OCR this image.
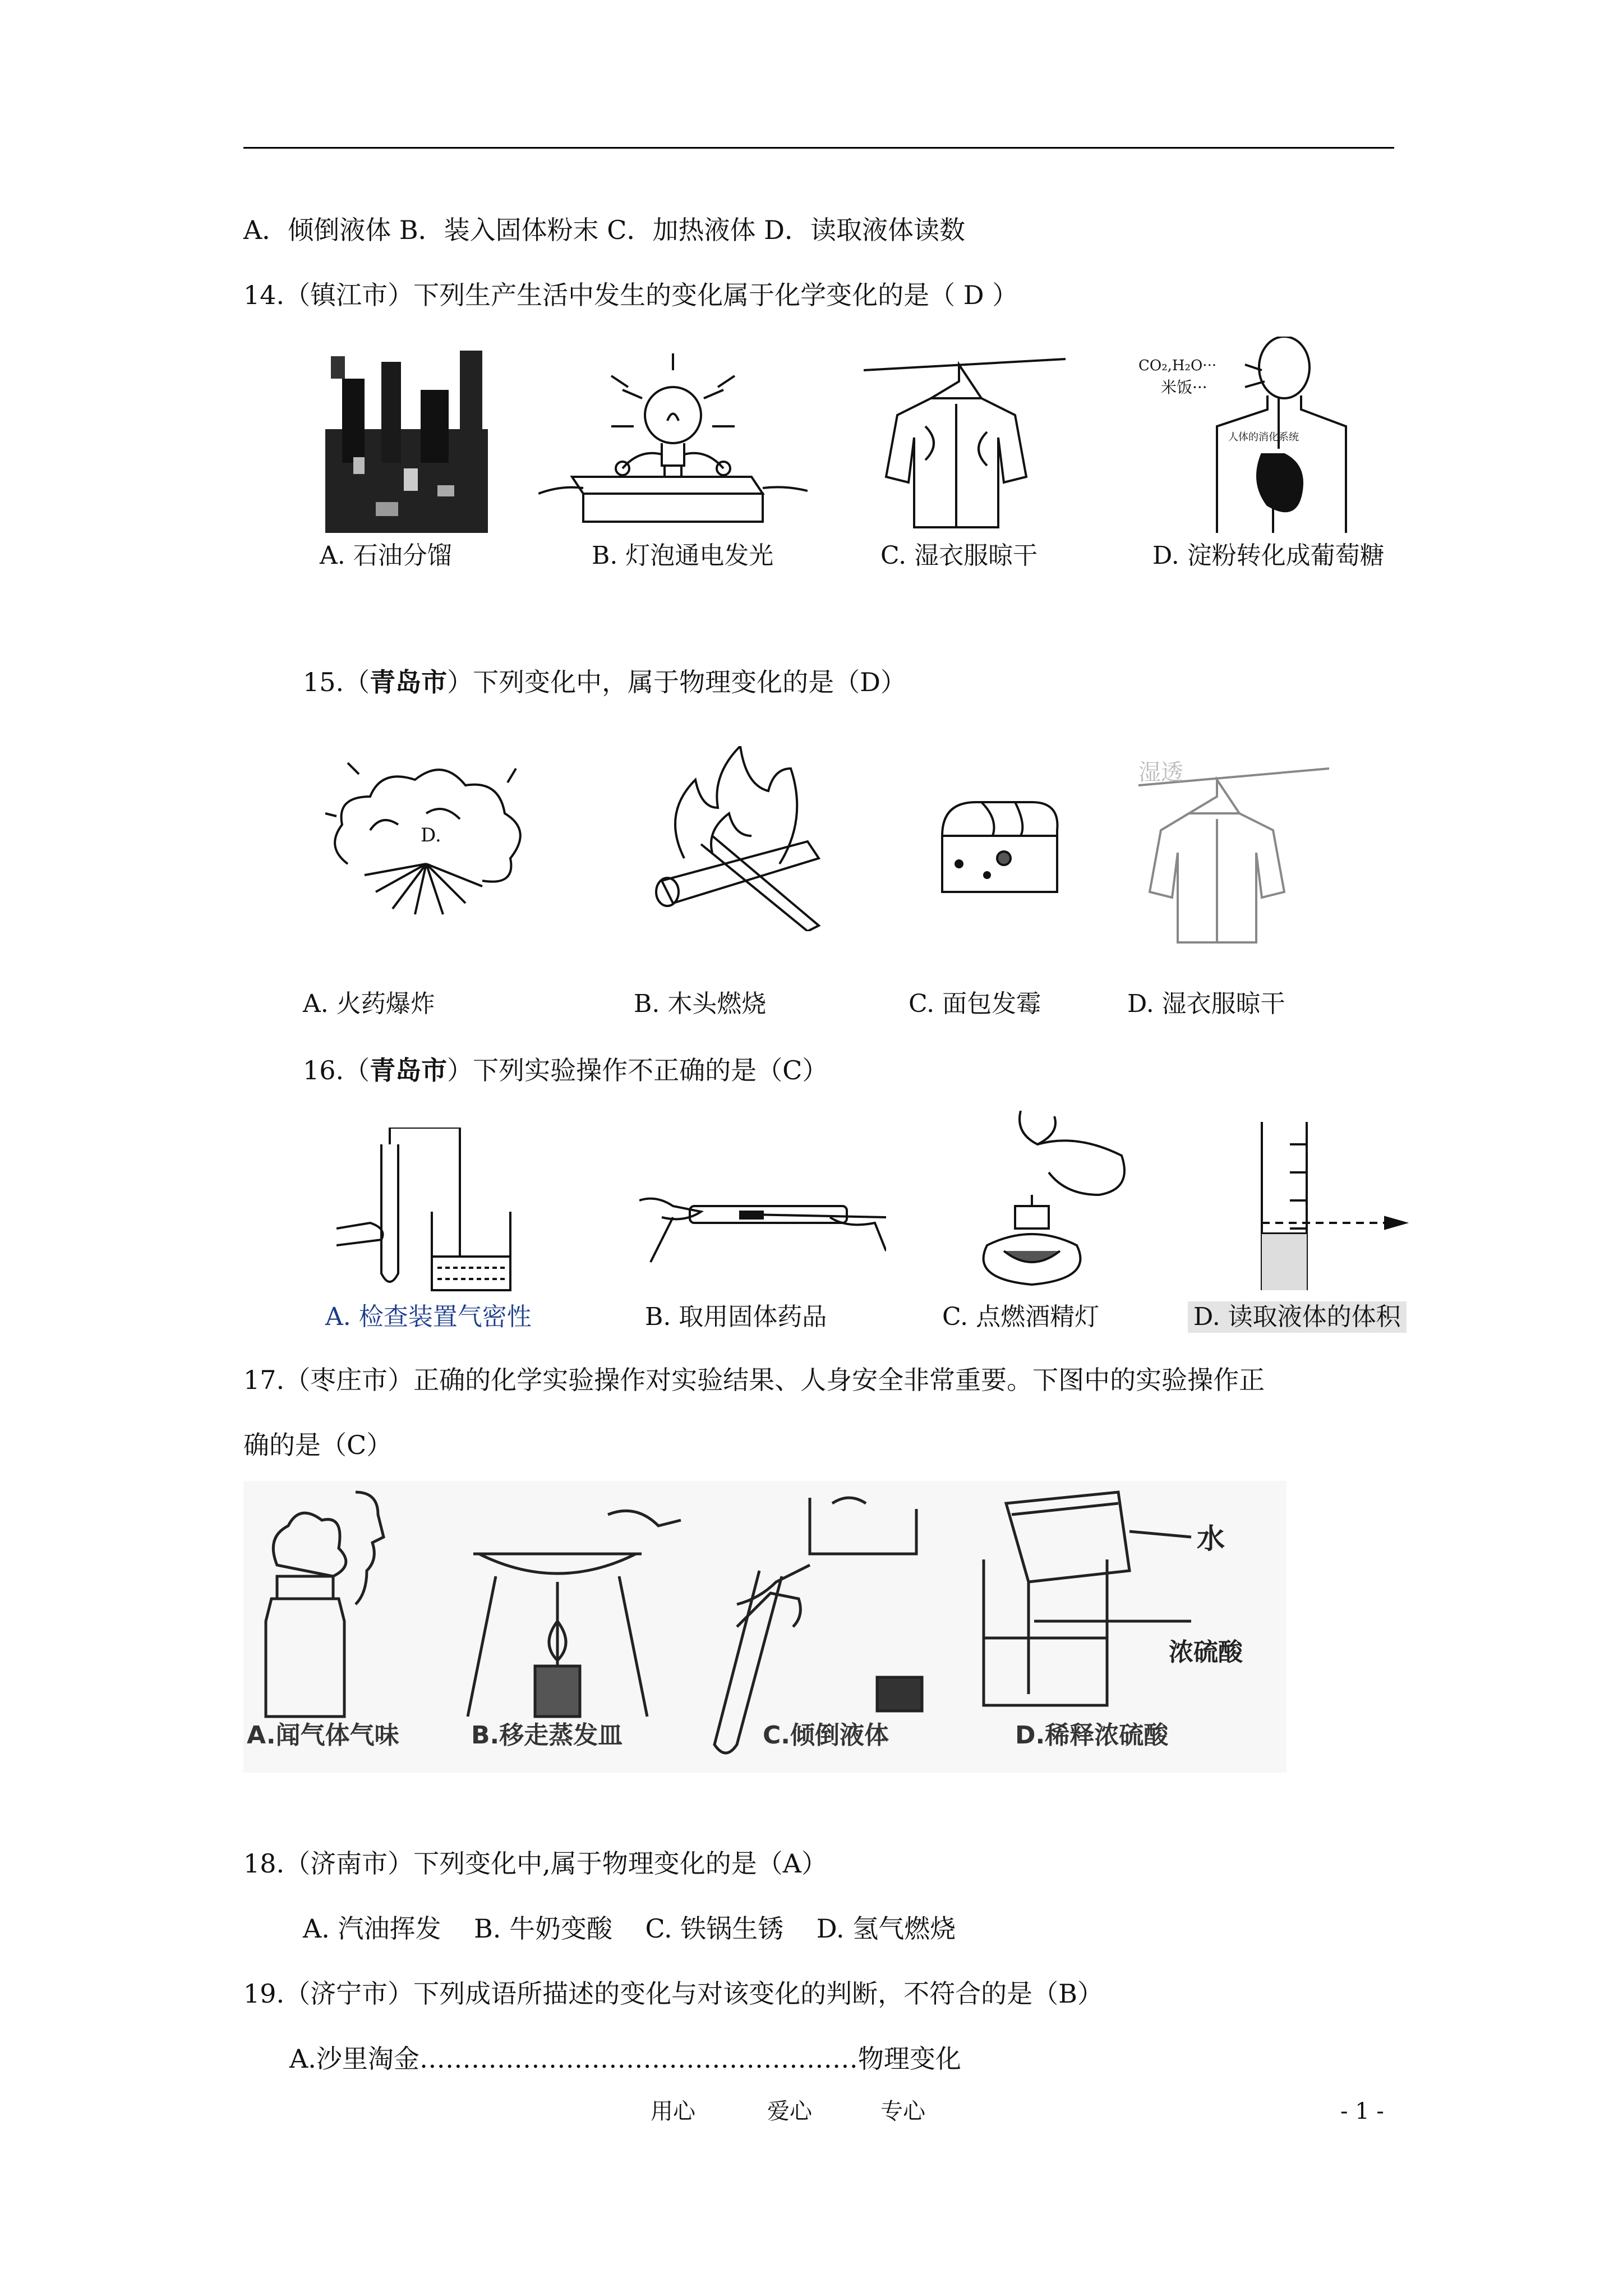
A．倾倒液体 B．装入固体粉末 C．加热液体 D．读取液体读数
14.（镇江市）下列生产生活中发生的变化属于化学变化的是（ D ）
CO₂,H₂O···
米饭···
人体的消化系统
A. 石油分馏	B. 灯泡通电发光	C. 湿衣服晾干	D. 淀粉转化成葡萄糖
15.（青岛市）下列变化中，属于物理变化的是（D）
D.
湿透
A. 火药爆炸	B. 木头燃烧	C. 面包发霉	D. 湿衣服晾干
16.（青岛市）下列实验操作不正确的是（C）
A. 检查装置气密性	B. 取用固体药品	C. 点燃酒精灯	D. 读取液体的体积
17.（枣庄市）正确的化学实验操作对实验结果、人身安全非常重要。下图中的实验操作正
确的是（C）
水
浓硫酸
A.闻气体气味	B.移走蒸发皿	C.倾倒液体	D.稀释浓硫酸
18.（济南市）下列变化中,属于物理变化的是（A）
A. 汽油挥发    B. 牛奶变酸    C. 铁锅生锈    D. 氢气燃烧
19.（济宁市）下列成语所描述的变化与对该变化的判断，不符合的是（B）
A.沙里淘金……………………………………………物理变化
用心	爱心	专心	- 1 -
